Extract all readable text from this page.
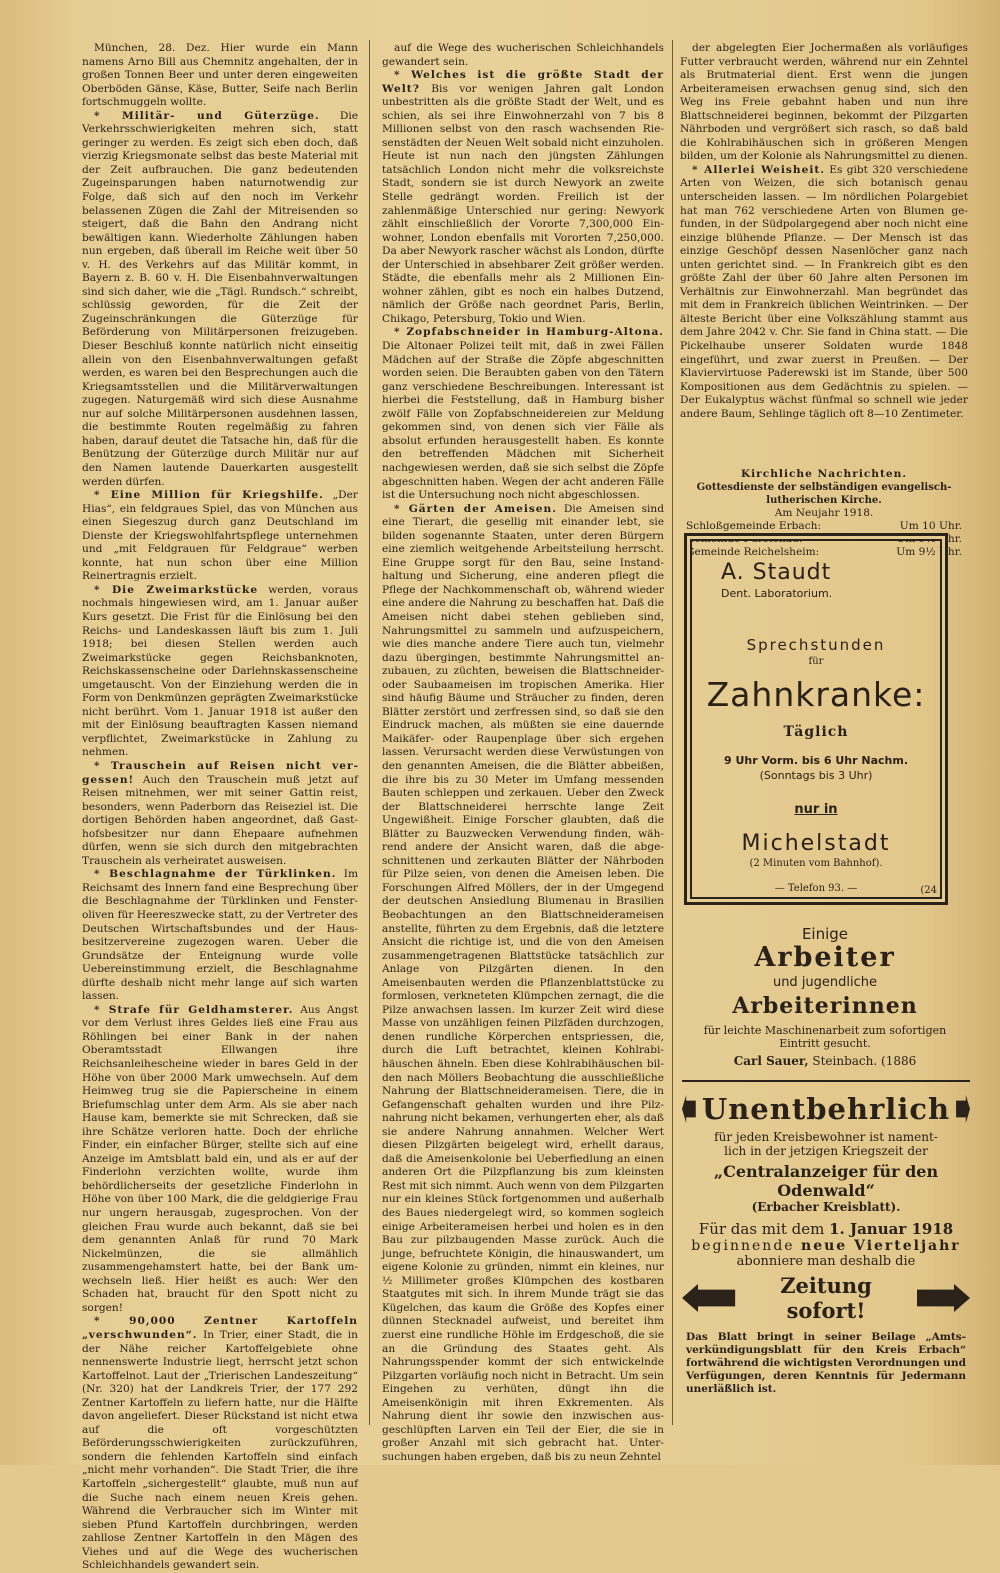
München, 28. Dez. Hier wurde ein Mann namens Arno Bill aus Chemnitz angehalten, der in großen Tonnen Beer und unter deren eingeweiten Oberböden Gänse, Käse, Butter, Seife nach Berlin fortschmuggeln wollte.

* Militär- und Güterzüge. Die Verkehrsschwierigkeiten mehren sich, statt geringer zu werden. Es zeigt sich eben doch, daß vierzig Kriegsmonate selbst das beste Material mit der Zeit aufbrauchen. Die ganz bedeutenden Zugeinsparungen haben naturnotwendig zur Folge, daß sich auf den noch im Verkehr belassenen Zügen die Zahl der Mitreisenden so steigert, daß die Bahn den Andrang nicht bewältigen kann. Wiederholte Zählungen haben nun ergeben, daß überall im Reiche weit über 50 v. H. des Verkehrs auf das Militär kommt, in Bayern z. B. 60 v. H. Die Eisenbahnverwaltungen sind sich daher, wie die „Tägl. Rundsch.“ schreibt, schlüssig geworden, für die Zeit der Zugeinschränkungen die Güterzüge für Beförderung von Militärpersonen freizugeben. Dieser Beschluß konnte natürlich nicht einseitig allein von den Eisenbahnverwaltungen gefaßt werden, es waren bei den Besprechungen auch die Kriegsamtsstellen und die Militärverwaltungen zugegen. Naturgemäß wird sich diese Ausnahme nur auf solche Militärpersonen ausdehnen lassen, die bestimmte Routen regelmäßig zu fahren haben, darauf deutet die Tatsache hin, daß für die Benützung der Güterzüge durch Militär nur auf den Namen lautende Dauerkarten ausgestellt werden dürfen.

* Eine Million für Kriegshilfe. „Der Hias“, ein feldgraues Spiel, das von München aus einen Siegeszug durch ganz Deutschland im Dienste der Kriegswohlfahrtspflege unternehmen und „mit Feldgrauen für Feldgraue“ werben konnte, hat nun schon über eine Million Reinertragnis erzielt.

* Die Zweimarkstücke werden, voraus nochmals hingewiesen wird, am 1. Januar außer Kurs gesetzt. Die Frist für die Einlösung bei den Reichs- und Landeskassen läuft bis zum 1. Juli 1918; bei diesen Stellen werden auch Zweimarkstücke gegen Reichsbanknoten, Reichskassenscheine oder Darlehnskassenscheine umgetauscht. Von der Einziehung werden die in Form von Denkmünzen geprägten Zweimarkstücke nicht berührt. Vom 1. Januar 1918 ist außer den mit der Einlösung beauftragten Kassen niemand verpflichtet, Zweimarkstücke in Zahlung zu nehmen.

* Trauschein auf Reisen nicht vergessen! Auch den Trauschein muß jetzt auf Reisen mitnehmen, wer mit seiner Gattin reist, besonders, wenn Paderborn das Reiseziel ist. Die dortigen Behörden haben angeordnet, daß Gasthofsbesitzer nur dann Ehepaare aufnehmen dürfen, wenn sie sich durch den mitgebrachten Trauschein als verheiratet ausweisen.

* Beschlagnahme der Türklinken. Im Reichsamt des Innern fand eine Besprechung über die Beschlagnahme der Türklinken und Fensteroliven für Heereszwecke statt, zu der Vertreter des Deutschen Wirtschaftsbundes und der Hausbesitzervereine zugezogen waren. Ueber die Grundsätze der Enteignung wurde volle Uebereinstimmung erzielt, die Beschlagnahme dürfte deshalb nicht mehr lange auf sich warten lassen.

* Strafe für Geldhamsterer. Aus Angst vor dem Verlust ihres Geldes ließ eine Frau aus Röhlingen bei einer Bank in der nahen Oberamtsstadt Ellwangen ihre Reichsanleihescheine wieder in bares Geld in der Höhe von über 2000 Mark umwechseln. Auf dem Heimweg trug sie die Papierscheine in einem Briefumschlag unter dem Arm. Als sie aber nach Hause kam, bemerkte sie mit Schrecken, daß sie ihre Schätze verloren hatte. Doch der ehrliche Finder, ein einfacher Bürger, stellte sich auf eine Anzeige im Amtsblatt bald ein, und als er auf der Finderlohn verzichten wollte, wurde ihm behördlicherseits der gesetzliche Finderlohn in Höhe von über 100 Mark, die die geldgierige Frau nur ungern herausgab, zugesprochen. Von der gleichen Frau wurde auch bekannt, daß sie bei dem genannten Anlaß für rund 70 Mark Nickelmünzen, die sie allmählich zusammengehamstert hatte, bei der Bank umwechseln ließ. Hier heißt es auch: Wer den Schaden hat, braucht für den Spott nicht zu sorgen!

* 90,000 Zentner Kartoffeln „verschwunden“. In Trier, einer Stadt, die in der Nähe reicher Kartoffelgebiete ohne nennenswerte Industrie liegt, herrscht jetzt schon Kartoffelnot. Laut der „Trierischen Landeszeitung“ (Nr. 320) hat der Landkreis Trier, der 177 292 Zentner Kartoffeln zu liefern hatte, nur die Hälfte davon angeliefert. Dieser Rückstand ist nicht etwa auf die oft vorgeschützten Beförderungsschwierigkeiten zurückzuführen, sondern die fehlenden Kartoffeln sind einfach „nicht mehr vorhanden“. Die Stadt Trier, die ihre Kartoffeln „sichergestellt“ glaubte, muß nun auf die Suche nach einem neuen Kreis gehen. Während die Verbraucher sich im Winter mit sieben Pfund Kartoffeln durchbringen, werden zahllose Zentner Kartoffeln in den Mägen des Viehes und auf die Wege des wucherischen Schleichhandels gewandert sein.

auf die Wege des wucherischen Schleichhandels gewandert sein.

* Welches ist die größte Stadt der Welt? Bis vor wenigen Jahren galt London unbestritten als die größte Stadt der Welt, und es schien, als sei ihre Einwohnerzahl von 7 bis 8 Millionen selbst von den rasch wachsenden Riesenstädten der Neuen Welt sobald nicht einzuholen. Heute ist nun nach den jüngsten Zählungen tatsächlich London nicht mehr die volksreichste Stadt, sondern sie ist durch Newyork an zweite Stelle gedrängt worden. Freilich ist der zahlenmäßige Unterschied nur gering: Newyork zählt einschließlich der Vororte 7,300,000 Einwohner, London ebenfalls mit Vororten 7,250,000. Da aber Newyork rascher wächst als London, dürfte der Unterschied in absehbarer Zeit größer werden. Städte, die ebenfalls mehr als 2 Millionen Einwohner zählen, gibt es noch ein halbes Dutzend, nämlich der Größe nach geordnet Paris, Berlin, Chikago, Petersburg, Tokio und Wien.

* Zopfabschneider in Hamburg-Altona. Die Altonaer Polizei teilt mit, daß in zwei Fällen Mädchen auf der Straße die Zöpfe abgeschnitten worden seien. Die Beraubten gaben von den Tätern ganz verschiedene Beschreibungen. Interessant ist hierbei die Feststellung, daß in Hamburg bisher zwölf Fälle von Zopfabschneidereien zur Meldung gekommen sind, von denen sich vier Fälle als absolut erfunden herausgestellt haben. Es konnte den betreffenden Mädchen mit Sicherheit nachgewiesen werden, daß sie sich selbst die Zöpfe abgeschnitten haben. Wegen der acht anderen Fälle ist die Untersuchung noch nicht abgeschlossen.

* Gärten der Ameisen. Die Ameisen sind eine Tierart, die gesellig mit einander lebt, sie bilden sogenannte Staaten, unter deren Bürgern eine ziemlich weitgehende Arbeitsteilung herrscht. Eine Gruppe sorgt für den Bau, seine Instandhaltung und Sicherung, eine anderen pflegt die Pflege der Nachkommenschaft ob, während wieder eine andere die Nahrung zu beschaffen hat. Daß die Ameisen nicht dabei stehen geblieben sind, Nahrungsmittel zu sammeln und aufzuspeichern, wie dies manche andere Tiere auch tun, vielmehr dazu übergingen, bestimmte Nahrungsmittel anzubauen, zu züchten, beweisen die Blattschneideroder Saubaameisen im tropischen Amerika. Hier sind häufig Bäume und Sträucher zu finden, deren Blätter zerstört und zerfressen sind, so daß sie den Eindruck machen, als müßten sie eine dauernde Maikäfer- oder Raupenplage über sich ergehen lassen. Verursacht werden diese Verwüstungen von den genannten Ameisen, die die Blätter abbeißen, die ihre bis zu 30 Meter im Umfang messenden Bauten schleppen und zerkauen. Ueber den Zweck der Blattschneiderei herrschte lange Zeit Ungewißheit. Einige Forscher glaubten, daß die Blätter zu Bauzwecken Verwendung finden, während andere der Ansicht waren, daß die abgeschnittenen und zerkauten Blätter der Nährboden für Pilze seien, von denen die Ameisen leben. Die Forschungen Alfred Möllers, der in der Umgegend der deutschen Ansiedlung Blumenau in Brasilien Beobachtungen an den Blattschneiderameisen anstellte, führten zu dem Ergebnis, daß die letztere Ansicht die richtige ist, und die von den Ameisen zusammengetragenen Blattstücke tatsächlich zur Anlage von Pilzgärten dienen. In den Ameisenbauten werden die Pflanzenblattstücke zu formlosen, verkneteten Klümpchen zernagt, die die Pilze anwachsen lassen. Im kurzer Zeit wird diese Masse von unzähligen feinen Pilzfäden durchzogen, denen rundliche Körperchen entspriessen, die, durch die Luft betrachtet, kleinen Kohlrabihäuschen ähneln. Eben diese Kohlrabihäuschen bilden nach Möllers Beobachtung die ausschließliche Nahrung der Blattschneiderameisen. Tiere, die in Gefangenschaft gehalten wurden und ihre Pilznahrung nicht bekamen, verhungerten eher, als daß sie andere Nahrung annahmen. Welcher Wert diesen Pilzgärten beigelegt wird, erhellt daraus, daß die Ameisenkolonie bei Ueberfiedlung an einen anderen Ort die Pilzpflanzung bis zum kleinsten Rest mit sich nimmt. Auch wenn von dem Pilzgarten nur ein kleines Stück fortgenommen und außerhalb des Baues niedergelegt wird, so kommen sogleich einige Arbeiterameisen herbei und holen es in den Bau zur pilzbaugenden Masse zurück. Auch die junge, befruchtete Königin, die hinauswandert, um eigene Kolonie zu gründen, nimmt ein kleines, nur ½ Millimeter großes Klümpchen des kostbaren Staatgutes mit sich. In ihrem Munde trägt sie das Kügelchen, das kaum die Größe des Kopfes einer dünnen Stecknadel aufweist, und bereitet ihm zuerst eine rundliche Höhle im Erdgeschoß, die sie an die Gründung des Staates geht. Als Nahrungsspender kommt der sich entwickelnde Pilzgarten vorläufig noch nicht in Betracht. Um sein Eingehen zu verhüten, düngt ihn die Ameisenkönigin mit ihren Exkrementen. Als Nahrung dient ihr sowie den inzwischen ausgeschlüpften Larven ein Teil der Eier, die sie in großer Anzahl mit sich gebracht hat. Untersuchungen haben ergeben, daß bis zu neun Zehntel

der abgelegten Eier Jochermaßen als vorläufiges Futter verbraucht werden, während nur ein Zehntel als Brutmaterial dient. Erst wenn die jungen Arbeiterameisen erwachsen genug sind, sich den Weg ins Freie gebahnt haben und nun ihre Blattschneiderei beginnen, bekommt der Pilzgarten Nährboden und vergrößert sich rasch, so daß bald die Kohlrabihäuschen sich in größeren Mengen bilden, um der Kolonie als Nahrungsmittel zu dienen.

* Allerlei Weisheit. Es gibt 320 verschiedene Arten von Weizen, die sich botanisch genau unterscheiden lassen. — Im nördlichen Polargebiet hat man 762 verschiedene Arten von Blumen gefunden, in der Südpolargegend aber noch nicht eine einzige blühende Pflanze. — Der Mensch ist das einzige Geschöpf dessen Nasenlöcher ganz nach unten gerichtet sind. — In Frankreich gibt es den größte Zahl der über 60 Jahre alten Personen im Verhältnis zur Einwohnerzahl. Man begründet das mit dem in Frankreich üblichen Weintrinken. — Der älteste Bericht über eine Volkszählung stammt aus dem Jahre 2042 v. Chr. Sie fand in China statt. — Die Pickelhaube unserer Soldaten wurde 1848 eingeführt, und zwar zuerst in Preußen. — Der Klaviervirtuose Paderewski ist im Stande, über 500 Kompositionen aus dem Gedächtnis zu spielen. — Der Eukalyptus wächst fünfmal so schnell wie jeder andere Baum, Sehlinge täglich oft 8—10 Zentimeter.

Kirchliche Nachrichten.
Gottesdienste der selbständigen evangelisch-
lutherischen Kirche.
Am Neujahr 1918.
Schloßgemeinde Erbach:	Um 10 Uhr.
Gemeinde Fürstenau:	Um 9½ Uhr.
Gemeinde Reichelsheim:	Um 9½ Uhr.
A. Staudt
Dent. Laboratorium.
Sprechstunden
für
Zahnkranke:
Täglich
9 Uhr Vorm. bis 6 Uhr Nachm.
(Sonntags bis 3 Uhr)
nur in
Michelstadt
(2 Minuten vom Bahnhof).
— Telefon 93. —	(24
Einige
Arbeiter
und jugendliche
Arbeiterinnen
für leichte Maschinenarbeit zum sofortigen
Eintritt gesucht.
Carl Sauer, Steinbach. (1886
Unentbehrlich
für jeden Kreisbewohner ist nament-
lich in der jetzigen Kriegszeit der
„Centralanzeiger für den Odenwald“
(Erbacher Kreisblatt).
Für das mit dem 1. Januar 1918
beginnende neue Vierteljahr
abonniere man deshalb die
Zeitung sofort!
Das Blatt bringt in seiner Beilage „Amtsverkündigungsblatt für den Kreis Erbach“ fortwährend die wichtigsten Verordnungen und Verfügungen, deren Kenntnis für Jedermann unerläßlich ist.
